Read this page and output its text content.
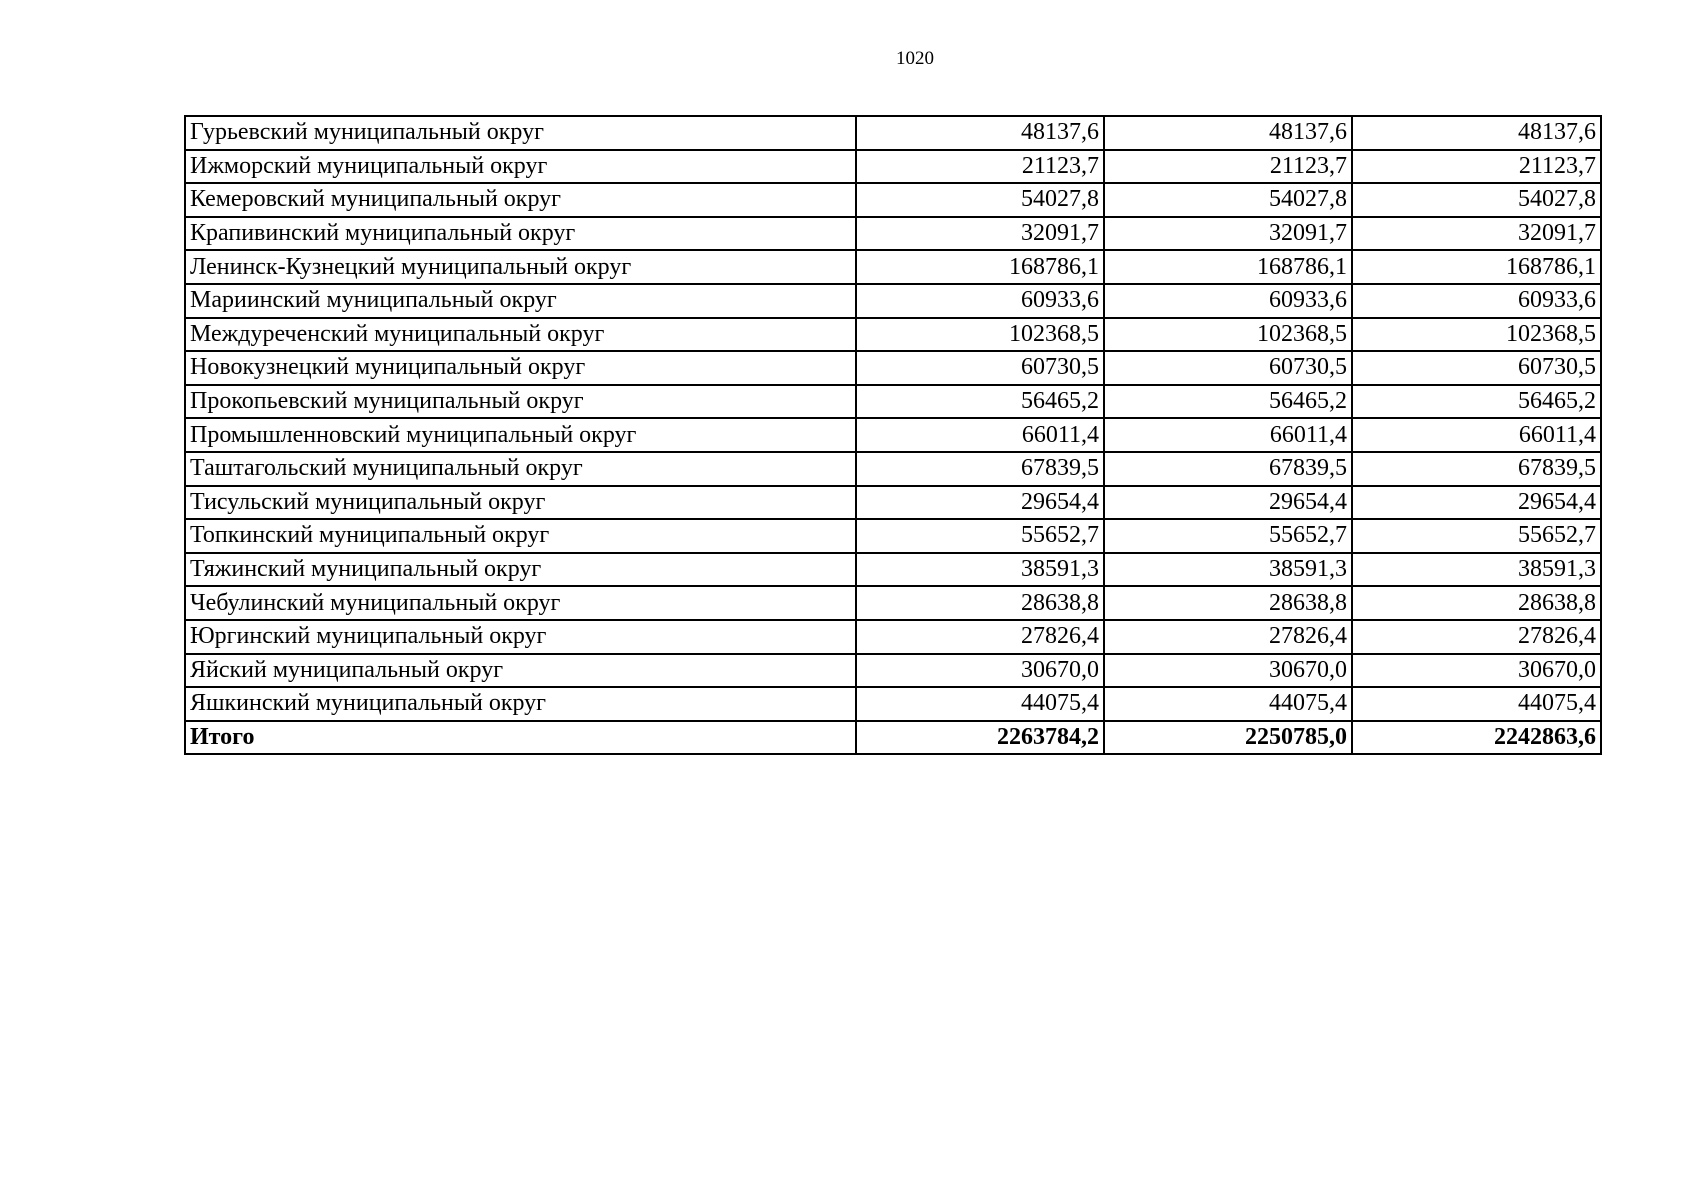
1020
Гурьевский муниципальный округ	48137,6	48137,6	48137,6
Ижморский муниципальный округ	21123,7	21123,7	21123,7
Кемеровский муниципальный округ	54027,8	54027,8	54027,8
Крапивинский муниципальный округ	32091,7	32091,7	32091,7
Ленинск-Кузнецкий муниципальный округ	168786,1	168786,1	168786,1
Мариинский муниципальный округ	60933,6	60933,6	60933,6
Междуреченский муниципальный округ	102368,5	102368,5	102368,5
Новокузнецкий муниципальный округ	60730,5	60730,5	60730,5
Прокопьевский муниципальный округ	56465,2	56465,2	56465,2
Промышленновский муниципальный округ	66011,4	66011,4	66011,4
Таштагольский муниципальный округ	67839,5	67839,5	67839,5
Тисульский муниципальный округ	29654,4	29654,4	29654,4
Топкинский муниципальный округ	55652,7	55652,7	55652,7
Тяжинский муниципальный округ	38591,3	38591,3	38591,3
Чебулинский муниципальный округ	28638,8	28638,8	28638,8
Юргинский муниципальный округ	27826,4	27826,4	27826,4
Яйский муниципальный округ	30670,0	30670,0	30670,0
Яшкинский муниципальный округ	44075,4	44075,4	44075,4
Итого	2263784,2	2250785,0	2242863,6
